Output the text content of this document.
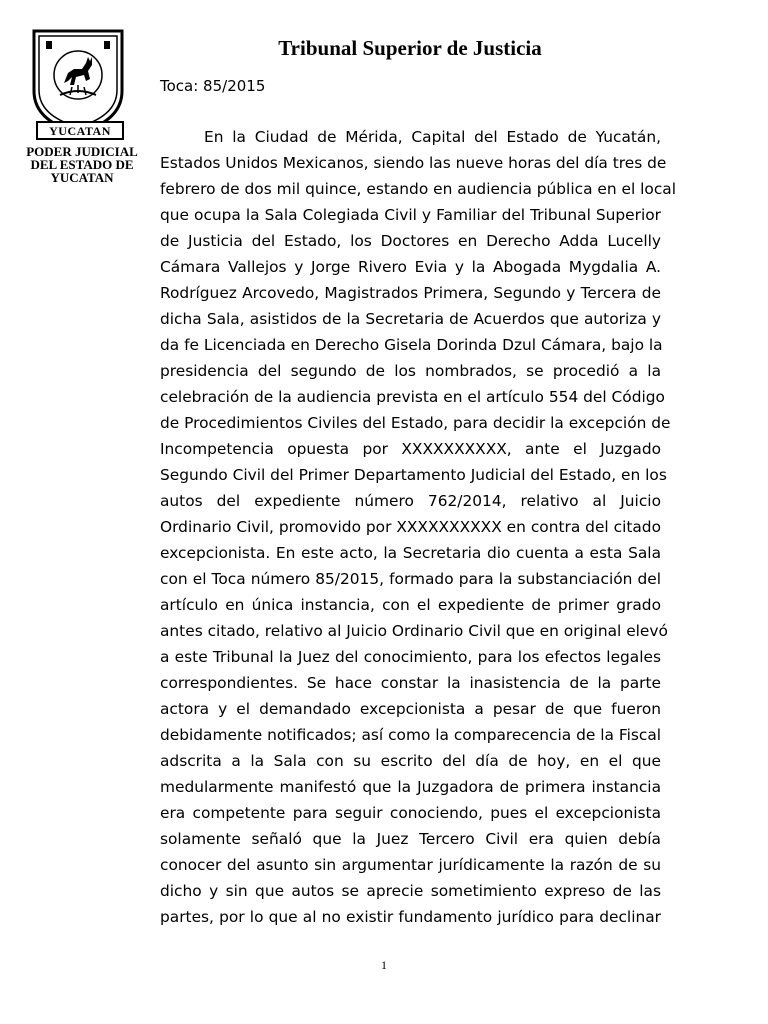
YUCATAN
PODER JUDICIAL
DEL ESTADO DE
YUCATAN
Tribunal Superior de Justicia

Toca: 85/2015

En la Ciudad de Mérida, Capital del Estado de Yucatán,
Estados Unidos Mexicanos, siendo las nueve horas del día tres de
febrero de dos mil quince, estando en audiencia pública en el local
que ocupa la Sala Colegiada Civil y Familiar del Tribunal Superior
de Justicia del Estado, los Doctores en Derecho Adda Lucelly
Cámara Vallejos y Jorge Rivero Evia y la Abogada Mygdalia A.
Rodríguez Arcovedo, Magistrados Primera, Segundo y Tercera de
dicha Sala, asistidos de la Secretaria de Acuerdos que autoriza y
da fe Licenciada en Derecho Gisela Dorinda Dzul Cámara, bajo la
presidencia del segundo de los nombrados, se procedió a la
celebración de la audiencia prevista en el artículo 554 del Código
de Procedimientos Civiles del Estado, para decidir la excepción de
Incompetencia opuesta por XXXXXXXXXX, ante el Juzgado
Segundo Civil del Primer Departamento Judicial del Estado, en los
autos del expediente número 762/2014, relativo al Juicio
Ordinario Civil, promovido por XXXXXXXXXX en contra del citado
excepcionista. En este acto, la Secretaria dio cuenta a esta Sala
con el Toca número 85/2015, formado para la substanciación del
artículo en única instancia, con el expediente de primer grado
antes citado, relativo al Juicio Ordinario Civil que en original elevó
a este Tribunal la Juez del conocimiento, para los efectos legales
correspondientes. Se hace constar la inasistencia de la parte
actora y el demandado excepcionista a pesar de que fueron
debidamente notificados; así como la comparecencia de la Fiscal
adscrita a la Sala con su escrito del día de hoy, en el que
medularmente manifestó que la Juzgadora de primera instancia
era competente para seguir conociendo, pues el excepcionista
solamente señaló que la Juez Tercero Civil era quien debía
conocer del asunto sin argumentar jurídicamente la razón de su
dicho y sin que autos se aprecie sometimiento expreso de las
partes, por lo que al no existir fundamento jurídico para declinar
1
